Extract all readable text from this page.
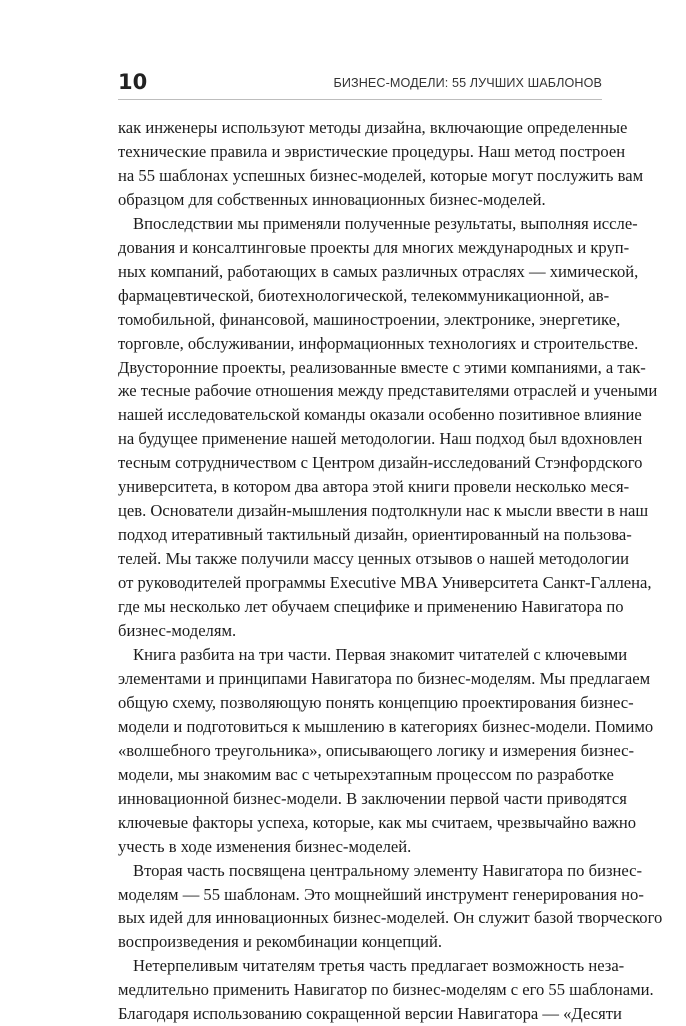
10	БИЗНЕС-МОДЕЛИ: 55 ЛУЧШИХ ШАБЛОНОВ
как инженеры используют методы дизайна, включающие определенные
технические правила и эвристические процедуры. Наш метод построен
на 55 шаблонах успешных бизнес-моделей, которые могут послужить вам
образцом для собственных инновационных бизнес-моделей.
Впоследствии мы применяли полученные результаты, выполняя иссле-
дования и консалтинговые проекты для многих международных и круп-
ных компаний, работающих в самых различных отраслях — химической,
фармацевтической, биотехнологической, телекоммуникационной, ав-
томобильной, финансовой, машиностроении, электронике, энергетике,
торговле, обслуживании, информационных технологиях и строительстве.
Двусторонние проекты, реализованные вместе с этими компаниями, а так-
же тесные рабочие отношения между представителями отраслей и учеными
нашей исследовательской команды оказали особенно позитивное влияние
на будущее применение нашей методологии. Наш подход был вдохновлен
тесным сотрудничеством с Центром дизайн-исследований Стэнфордского
университета, в котором два автора этой книги провели несколько меся-
цев. Основатели дизайн-мышления подтолкнули нас к мысли ввести в наш
подход итеративный тактильный дизайн, ориентированный на пользова-
телей. Мы также получили массу ценных отзывов о нашей методологии
от руководителей программы Executive MBA Университета Санкт-Галлена,
где мы несколько лет обучаем специфике и применению Навигатора по
бизнес-моделям.
Книга разбита на три части. Первая знакомит читателей с ключевыми
элементами и принципами Навигатора по бизнес-моделям. Мы предлагаем
общую схему, позволяющую понять концепцию проектирования бизнес-
модели и подготовиться к мышлению в категориях бизнес-модели. Помимо
«волшебного треугольника», описывающего логику и измерения бизнес-
модели, мы знакомим вас с четырехэтапным процессом по разработке
инновационной бизнес-модели. В заключении первой части приводятся
ключевые факторы успеха, которые, как мы считаем, чрезвычайно важно
учесть в ходе изменения бизнес-моделей.
Вторая часть посвящена центральному элементу Навигатора по бизнес-
моделям — 55 шаблонам. Это мощнейший инструмент генерирования но-
вых идей для инновационных бизнес-моделей. Он служит базой творческого
воспроизведения и рекомбинации концепций.
Нетерпеливым читателям третья часть предлагает возможность неза-
медлительно применить Навигатор по бизнес-моделям с его 55 шаблонами.
Благодаря использованию сокращенной версии Навигатора — «Десяти
